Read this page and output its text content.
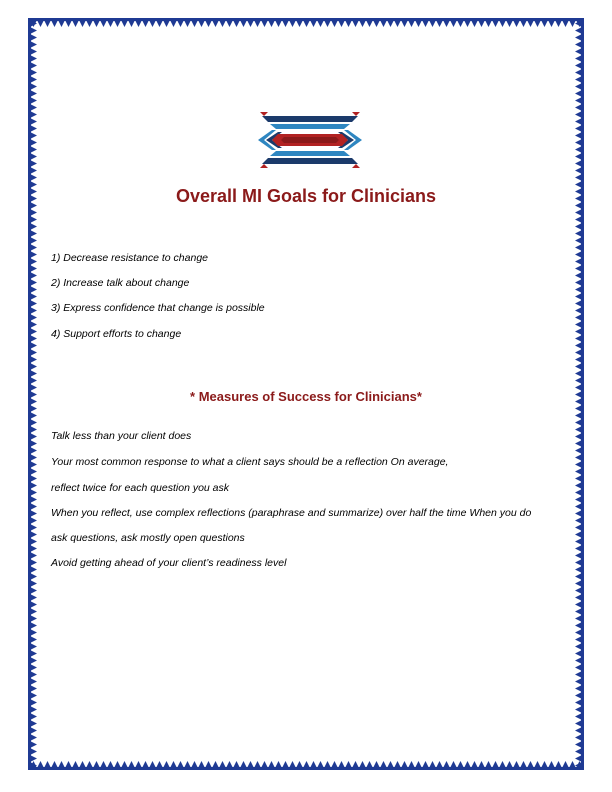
Overall MI Goals for Clinicians

1) Decrease resistance to change

2) Increase talk about change

3) Express confidence that change is possible

4) Support efforts to change

* Measures of Success for Clinicians*

Talk less than your client does

Your most common response to what a client says should be a reflection On average,

reflect twice for each question you ask

When you reflect, use complex reflections (paraphrase and summarize) over half the time When you do

ask questions, ask mostly open questions

Avoid getting ahead of your client’s readiness level
